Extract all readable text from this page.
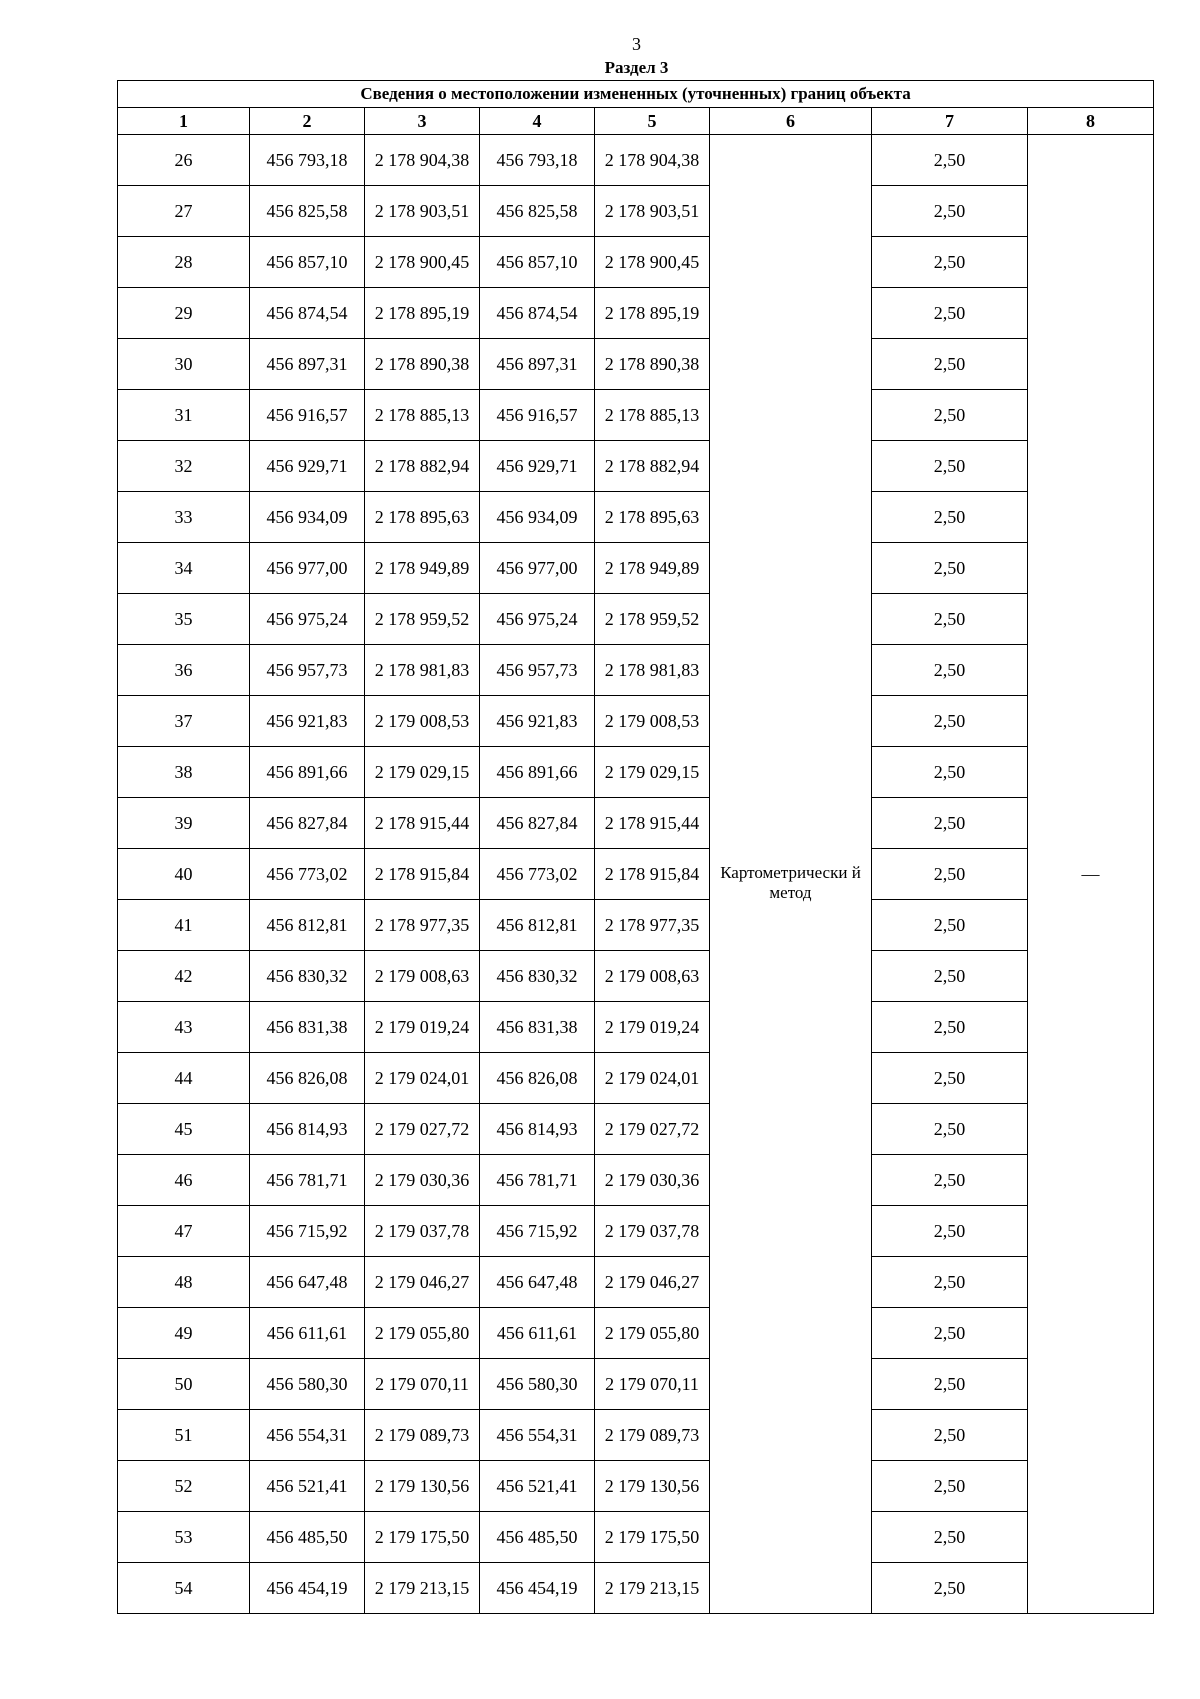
3
Раздел 3
Сведения о местоположении измененных (уточненных) границ объекта							
1	2	3	4	5	6	7	8
26	456 793,18	2 178 904,38	456 793,18	2 178 904,38	Картометрически й метод	2,50	—
27	456 825,58	2 178 903,51	456 825,58	2 178 903,51		2,50	
28	456 857,10	2 178 900,45	456 857,10	2 178 900,45		2,50	
29	456 874,54	2 178 895,19	456 874,54	2 178 895,19		2,50	
30	456 897,31	2 178 890,38	456 897,31	2 178 890,38		2,50	
31	456 916,57	2 178 885,13	456 916,57	2 178 885,13		2,50	
32	456 929,71	2 178 882,94	456 929,71	2 178 882,94		2,50	
33	456 934,09	2 178 895,63	456 934,09	2 178 895,63		2,50	
34	456 977,00	2 178 949,89	456 977,00	2 178 949,89		2,50	
35	456 975,24	2 178 959,52	456 975,24	2 178 959,52		2,50	
36	456 957,73	2 178 981,83	456 957,73	2 178 981,83		2,50	
37	456 921,83	2 179 008,53	456 921,83	2 179 008,53		2,50	
38	456 891,66	2 179 029,15	456 891,66	2 179 029,15		2,50	
39	456 827,84	2 178 915,44	456 827,84	2 178 915,44		2,50	
40	456 773,02	2 178 915,84	456 773,02	2 178 915,84		2,50	
41	456 812,81	2 178 977,35	456 812,81	2 178 977,35		2,50	
42	456 830,32	2 179 008,63	456 830,32	2 179 008,63		2,50	
43	456 831,38	2 179 019,24	456 831,38	2 179 019,24		2,50	
44	456 826,08	2 179 024,01	456 826,08	2 179 024,01		2,50	
45	456 814,93	2 179 027,72	456 814,93	2 179 027,72		2,50	
46	456 781,71	2 179 030,36	456 781,71	2 179 030,36		2,50	
47	456 715,92	2 179 037,78	456 715,92	2 179 037,78		2,50	
48	456 647,48	2 179 046,27	456 647,48	2 179 046,27		2,50	
49	456 611,61	2 179 055,80	456 611,61	2 179 055,80		2,50	
50	456 580,30	2 179 070,11	456 580,30	2 179 070,11		2,50	
51	456 554,31	2 179 089,73	456 554,31	2 179 089,73		2,50	
52	456 521,41	2 179 130,56	456 521,41	2 179 130,56		2,50	
53	456 485,50	2 179 175,50	456 485,50	2 179 175,50		2,50	
54	456 454,19	2 179 213,15	456 454,19	2 179 213,15		2,50	
